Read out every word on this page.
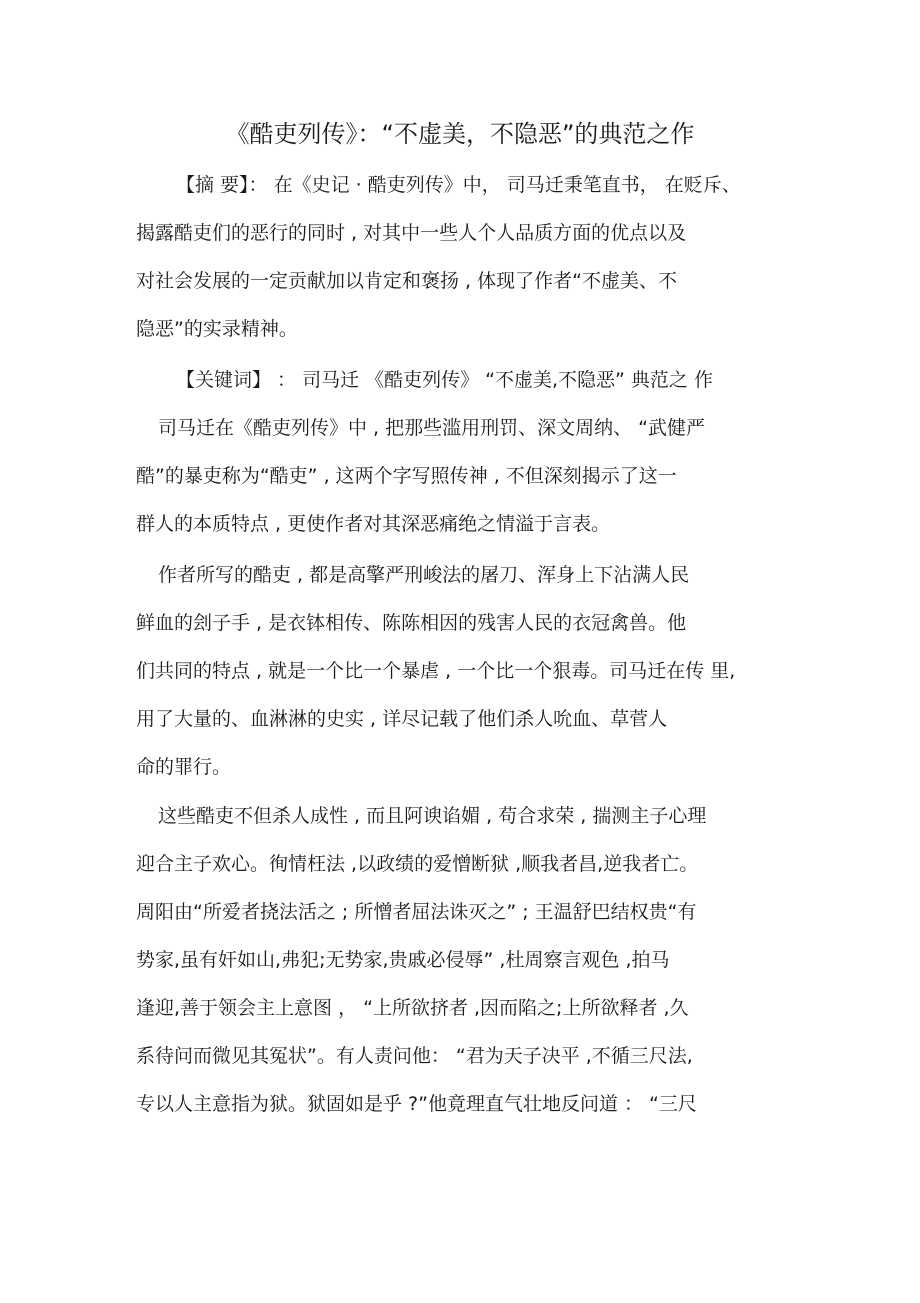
《酷吏列传》：“不虚美，不隐恶”的典范之作
【摘 要】： 在《史记 · 酷吏列传》中， 司马迁秉笔直书， 在贬斥、
揭露酷吏们的恶行的同时 , 对其中一些人个人品质方面的优点以及
对社会发展的一定贡献加以肯定和褒扬 , 体现了作者“不虚美、不
隐恶”的实录精神。
【关键词】 ： 司马迁 《酷吏列传》 “不虚美,不隐恶” 典范之 作
司马迁在《酷吏列传》中 , 把那些滥用刑罚、深文周纳、 “武健严
酷”的暴吏称为“酷吏” , 这两个字写照传神 , 不但深刻揭示了这一
群人的本质特点 , 更使作者对其深恶痛绝之情溢于言表。
作者所写的酷吏 , 都是高擎严刑峻法的屠刀、浑身上下沾满人民
鲜血的刽子手 , 是衣钵相传、陈陈相因的残害人民的衣冠禽兽。他
们共同的特点 , 就是一个比一个暴虐 , 一个比一个狠毒。司马迁在传 里,
用了大量的、血淋淋的史实 , 详尽记载了他们杀人吮血、草菅人
命的罪行。
这些酷吏不但杀人成性 , 而且阿谀谄媚 , 苟合求荣 , 揣测主子心理
迎合主子欢心。徇情枉法 ,以政绩的爱憎断狱 ,顺我者昌,逆我者亡。
周阳由“所爱者挠法活之 ; 所憎者屈法诛灭之” ; 王温舒巴结权贵“有
势家,虽有奸如山,弗犯;无势家,贵戚必侵辱” ,杜周察言观色 ,拍马
逢迎,善于领会主上意图 ， “上所欲挤者 ,因而陷之;上所欲释者 ,久
系待问而微见其冤状”。有人责问他： “君为天子决平 ,不循三尺法,
专以人主意指为狱。狱固如是乎 ?”他竟理直气壮地反问道 ： “三尺
